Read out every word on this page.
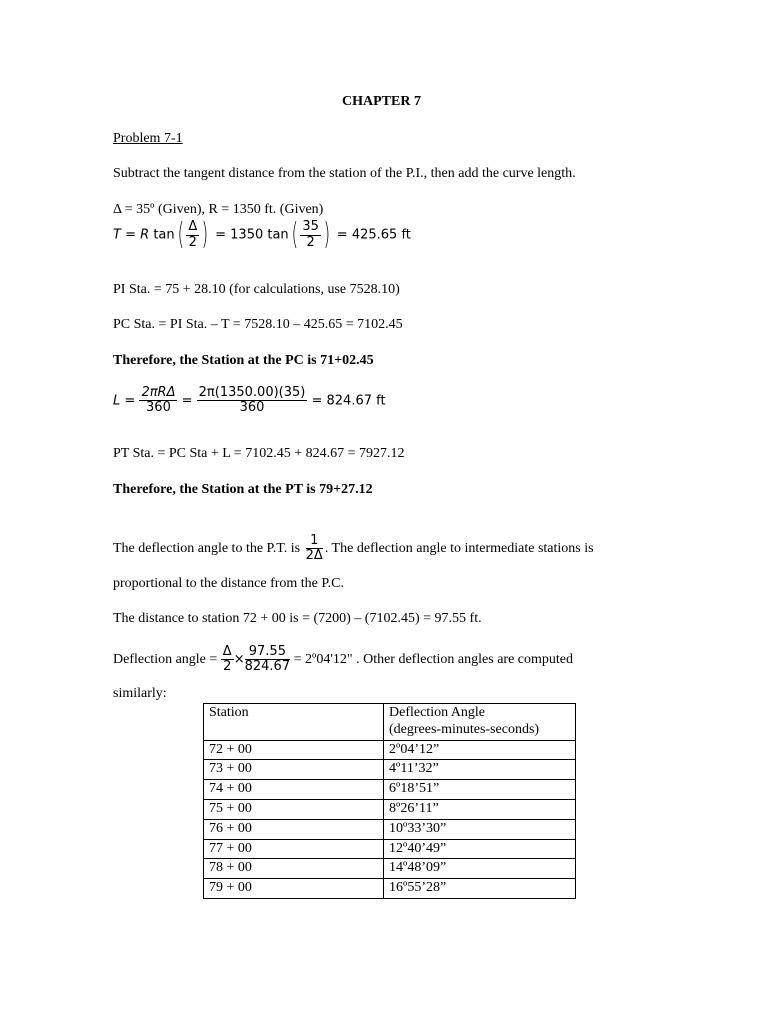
CHAPTER 7
Problem 7-1
Subtract the tangent distance from the station of the P.I., then add the curve length.
Δ = 35º (Given), R = 1350 ft. (Given)
T = R $\tan( \frac{\Delta}{2}$ ) = 1350 $\tan( \frac{35}{2}$ ) = 425.65 ft
PI Sta. = 75 + 28.10 (for calculations, use 7528.10)
PC Sta. = PI Sta. – T = 7528.10 – 425.65 = 7102.45
Therefore, the Station at the PC is 71+02.45
$L = \frac{\text{2πRΔ}}{360} = \frac{2\pi(1350.00)(35)}{360} = 824.67$ ft
PT Sta. = PC Sta + L = 7102.45 + 824.67 = 7927.12
Therefore, the Station at the PT is 79+27.12
The deflection angle to the P.T. is $\frac{1}{2\Delta}$ . The deflection angle to intermediate stations is
proportional to the distance from the P.C.
The distance to station 72 + 00 is = (7200) – (7102.45) = 97.55 ft.
Deflection angle = $\frac{\Delta}{2} \times \frac{97.55}{824.67}$ = 2º04'12" . Other deflection angles are computed
similarly:
Station	Deflection Angle
(degrees-minutes-seconds)

72 + 00	2º04’12”
73 + 00	4º11’32”
74 + 00	6º18’51”
75 + 00	8º26’11”
76 + 00	10º33’30”
77 + 00	12º40’49”
78 + 00	14º48’09”
79 + 00	16º55’28”
